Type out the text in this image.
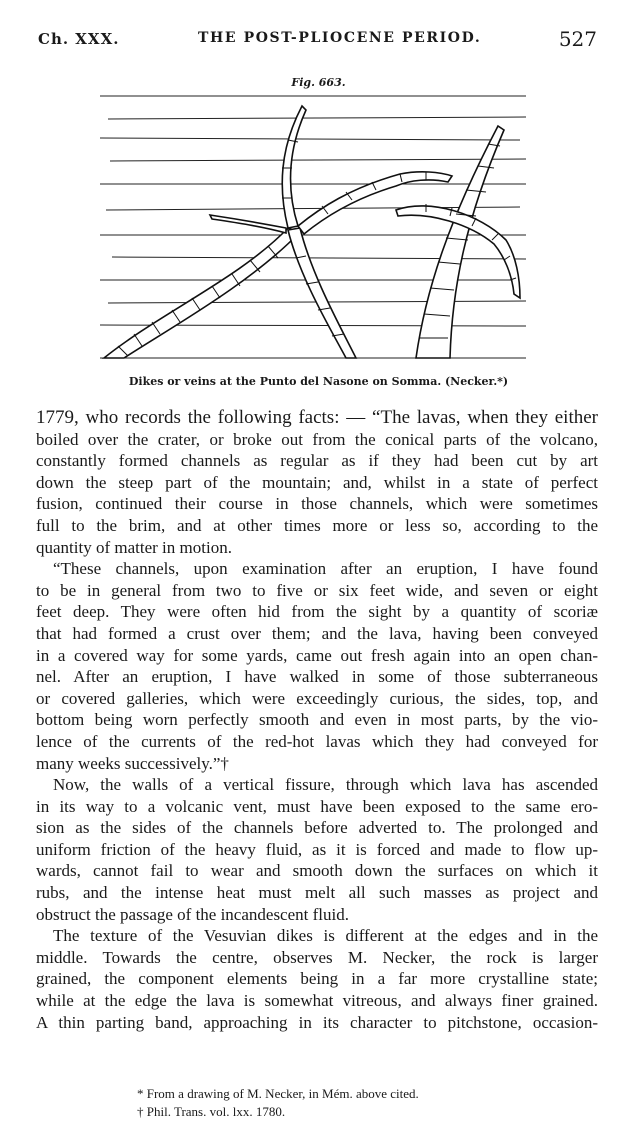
Ch. XXX.	THE POST-PLIOCENE PERIOD.	527
Fig. 663.
Dikes or veins at the Punto del Nasone on Somma. (Necker.*)
1779, who records the following facts: — “The lavas, when they either
boiled over the crater, or broke out from the conical parts of the volcano,
constantly formed channels as regular as if they had been cut by art
down the steep part of the mountain; and, whilst in a state of perfect
fusion, continued their course in those channels, which were sometimes
full to the brim, and at other times more or less so, according to the
quantity of matter in motion.
“These channels, upon examination after an eruption, I have found
to be in general from two to five or six feet wide, and seven or eight
feet deep. They were often hid from the sight by a quantity of scoriæ
that had formed a crust over them; and the lava, having been conveyed
in a covered way for some yards, came out fresh again into an open chan-
nel. After an eruption, I have walked in some of those subterraneous
or covered galleries, which were exceedingly curious, the sides, top, and
bottom being worn perfectly smooth and even in most parts, by the vio-
lence of the currents of the red-hot lavas which they had conveyed for
many weeks successively.”†
Now, the walls of a vertical fissure, through which lava has ascended
in its way to a volcanic vent, must have been exposed to the same ero-
sion as the sides of the channels before adverted to. The prolonged and
uniform friction of the heavy fluid, as it is forced and made to flow up-
wards, cannot fail to wear and smooth down the surfaces on which it
rubs, and the intense heat must melt all such masses as project and
obstruct the passage of the incandescent fluid.
The texture of the Vesuvian dikes is different at the edges and in the
middle. Towards the centre, observes M. Necker, the rock is larger
grained, the component elements being in a far more crystalline state;
while at the edge the lava is somewhat vitreous, and always finer grained.
A thin parting band, approaching in its character to pitchstone, occasion-
* From a drawing of M. Necker, in Mém. above cited.
† Phil. Trans. vol. lxx. 1780.
